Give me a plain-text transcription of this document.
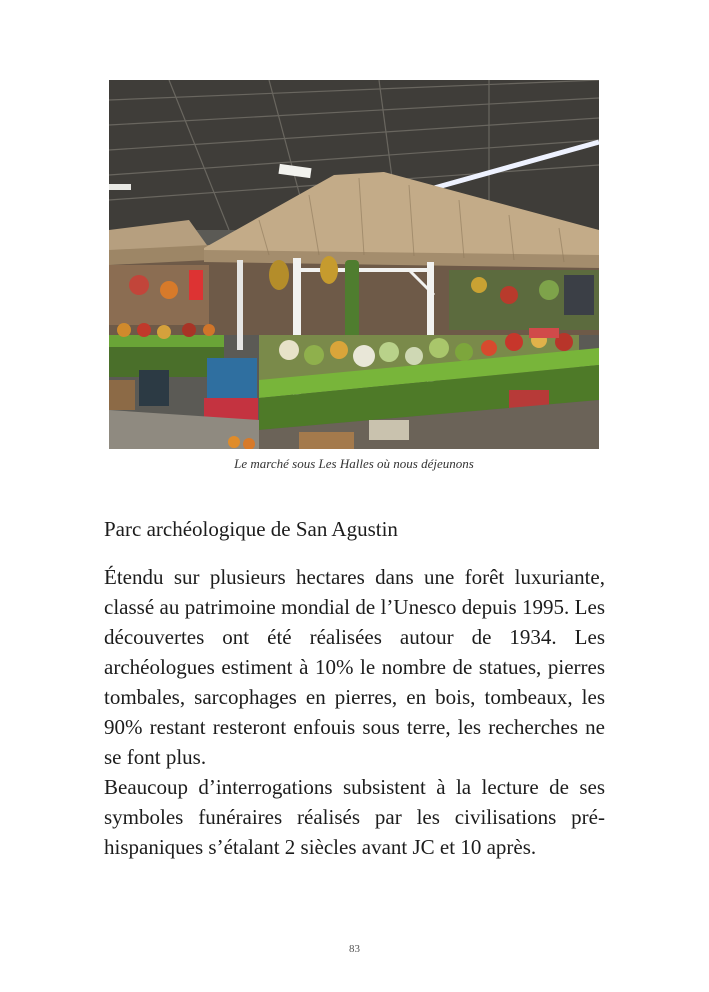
Le marché sous Les Halles où nous déjeunons
Parc archéologique de San Agustin

Étendu sur plusieurs hectares dans une forêt luxuriante, classé au patrimoine mondial de l’Unesco depuis 1995. Les découvertes ont été réalisées autour de 1934. Les archéologues estiment à 10% le nombre de statues, pierres tombales, sarcophages en pierres, en bois, tombeaux, les 90% restant resteront enfouis sous terre, les recherches ne se font plus.

Beaucoup d’interrogations subsistent à la lecture de ses symboles funéraires réalisés par les civilisations pré-hispaniques s’étalant 2 siècles avant JC et 10 après.

83
